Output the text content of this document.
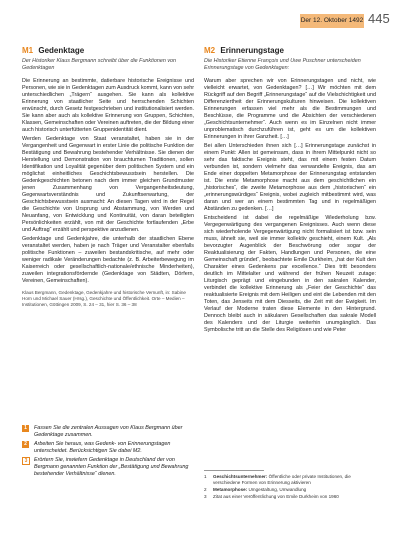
Der 12. Oktober 1492 445
M1 Gedenktage
Der Historiker Klaus Bergmann schreibt über die Funktionen von Gedenktagen

Die Erinnerung an bestimmte, datierbare historische Ereignisse und Personen, wie sie in Gedenktagen zum Ausdruck kommt, kann von sehr unterschiedlichen „Trägern“ ausgehen. Sie kann als kollektive Erinnerung von staatlicher Seite und herrschenden Schichten erwünscht, durch Gesetz festgeschrieben und institutionalisiert werden. Sie kann aber auch als kollektive Erinnerung von Gruppen, Schichten, Klassen, Gemeinschaften oder Vereinen auftreten, die der Bildung einer auch historisch unterfütterten Gruppenidentität dient.

Werden Gedenktage von Staat veranstaltet, haben sie in der Vergangenheit und Gegenwart in erster Linie die politische Funktion der Bestätigung und Bewahrung bestehender Verhältnisse. Sie dienen der Herstellung und Demonstration von brauchtumen Traditionen, sollen Identifikation und Loyalität gegenüber dem politischen System und ein möglichst einheitliches Geschichtsbewusstsein herstellen. Die Gedenkgeschichten betonen nach dem immer gleichen Grundmuster jenen Zusammenhang von Vergangenheitsdeutung, Gegenwartsverständnis und Zukunftserwartung, der Geschichtsbewusstsein ausmacht: An diesen Tagen wird in der Regel die Geschichte von Ursprung und Abstammung, von Werden und Neuanfang, von Entwicklung und Kontinuität, von daran beteiligten Persönlichkeiten erzählt, von mit der Geschichte fortlaufenden „Erbe und Auftrag“ erzählt und perspektive anzudienen.

Gedenktage und Gedenkjahre, die unterhalb der staatlichen Ebene veranstaltet werden, haben je nach Träger und Veranstalter ebenfalls politische Funktionen – zuweilen bestandskritische, auf mehr oder weniger radikale Veränderungen bedachte (z. B. Arbeiterbewegung im Kaiserreich oder gesellschaftlich-nationale/ethnische Minderheiten), zuweilen integrationsfördernde (Gedenktage von Städten, Dörfern, Vereinen, Gemeinschaften).

Klaus Bergmann, Gedenktage, Gedenkjahre und historische Vernunft, in: Sabine Horn und Michael Sauer (Hrsg.), Geschichte und Öffentlichkeit. Orte – Medien – Institutionen, Göttingen 2009, S. 24 – 31, hier S. 36 – 38
M2 Erinnerungstage
Die Historiker Etienne François und Uwe Puschner unterscheiden Erinnerungstage von Gedenktagen:

Warum aber sprechen wir von Erinnerungstagen und nicht, wie vielleicht erwartet, von Gedenktagen? […] Wir möchten mit dem Rückgriff auf den Begriff „Erinnerungstage“ auf die Vielschichtigkeit und Differenziertheit der Erinnerungskulturen hinweisen. Die kollektiven Erinnerungen erfassen viel mehr als die Bestimmungen und Beschlüsse, die Programme und die Absichten der verschiedenen „Geschichtsunternehmer“. Auch wenn es im Einzelnen nicht immer unproblematisch durchzuführen ist, geht es um die kollektiven Erinnerungen in ihrer Ganzheit. […]

Bei allen Unterschieden ihnen sich […] Erinnerungstage zunächst in einem Punkt: Allen ist gemeinsam, dass in ihrem Mittelpunkt nicht so sehr das faktische Ereignis steht, das mit einem festen Datum verbunden ist, sondern vielmehr das verwandelte Ereignis, das am Ende einer doppelten Metamorphose der Erinnerungstag entstanden ist. Die erste Metamorphose macht aus dem geschichtlichen ein „historisches“, die zweite Metamorphose aus dem „historischen“ ein „erinnerungswürdiges“ Ereignis, wobei zugleich mitbestimmt wird, was daran und wer an einem bestimmten Tag und in regelmäßigen Abständen zu gedenken. […]

Entscheidend ist dabei die regelmäßige Wiederholung bzw. Vergegenwärtigung des vergangenen Ereignisses. Auch wenn diese sich wiederholende Vergegenwärtigung nicht formalisiert ist bzw. sein muss, ähnelt sie, weil sie immer kollektiv geschieht, einem Kult. „Als bevorzugter Augenblick der Beschwörung oder sogar der Reaktualisierung der Fakten, Handlungen und Personen, die eine Gemeinschaft gründet“, beobachtete Emile Durkheim, „hat der Kult den Charakter eines Gedenkens par excellence.“ Dies tritt besonders deutlich im Mittelalter und während der frühen Neuzeit zutage: Liturgisch geprägt und eingebunden in den sakralen Kalender, verbindet die kollektive Erinnerung als „Feier der Geschichte“ das reaktualisierte Ereignis mit dem Heiligen und eint die Lebenden mit den Toten, das Jenseits mit dem Diesseits, die Zeit mit der Ewigkeit. Im Verlauf der Moderne traten diese Elemente in den Hintergrund. Dennoch bleibt auch in säkularen Gesellschaften das sakrale Modell des Kalenders und der Liturgie weiterhin unumgänglich. Das Symbolische tritt an die Stelle des Religiösen und wie Peter

1	Fassen Sie die zentralen Aussagen von Klaus Bergmann über Gedenktage zusammen.
2	Arbeiten Sie heraus, was Gedenk- von Erinnerungstagen unterscheidet. Berücksichtigen Sie dabei M2.
3	Erörtern Sie, inwiefern Gedenktage in Deutschland der von Bergmann genannten Funktion der „Bestätigung und Bewahrung bestehender Verhältnisse“ dienen.	1 Geschichtsunternehmer: Öffentliche oder private Institutionen, die verschiedene Formen von Erinnerung aktivieren
2 Metamorphose: Umgestaltung, Umwandlung
3 Zitat aus einer Veröffentlichung von Emile Durkheim von 1960
